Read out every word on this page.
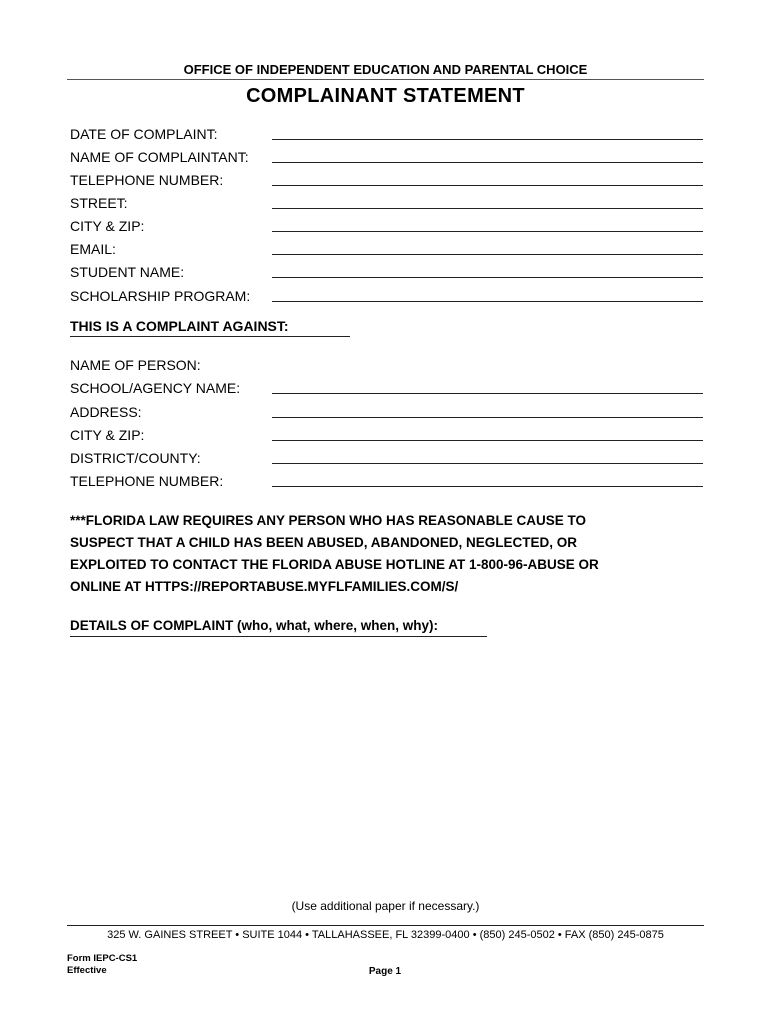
OFFICE OF INDEPENDENT EDUCATION AND PARENTAL CHOICE
COMPLAINANT STATEMENT
DATE OF COMPLAINT:
NAME OF COMPLAINTANT:
TELEPHONE NUMBER:
STREET:
CITY & ZIP:
EMAIL:
STUDENT NAME:
SCHOLARSHIP PROGRAM:
THIS IS A COMPLAINT AGAINST:
NAME OF PERSON:
SCHOOL/AGENCY NAME:
ADDRESS:
CITY & ZIP:
DISTRICT/COUNTY:
TELEPHONE NUMBER:
***FLORIDA LAW REQUIRES ANY PERSON WHO HAS REASONABLE CAUSE TO
SUSPECT THAT A CHILD HAS BEEN ABUSED, ABANDONED, NEGLECTED, OR
EXPLOITED TO CONTACT THE FLORIDA ABUSE HOTLINE AT 1-800-96-ABUSE OR
ONLINE AT HTTPS://REPORTABUSE.MYFLFAMILIES.COM/S/
DETAILS OF COMPLAINT (who, what, where, when, why):
(Use additional paper if necessary.)
325 W. GAINES STREET • SUITE 1044 • TALLAHASSEE, FL 32399-0400 • (850) 245-0502 • FAX (850) 245-0875
Form IEPC-CS1
Effective	Page 1
